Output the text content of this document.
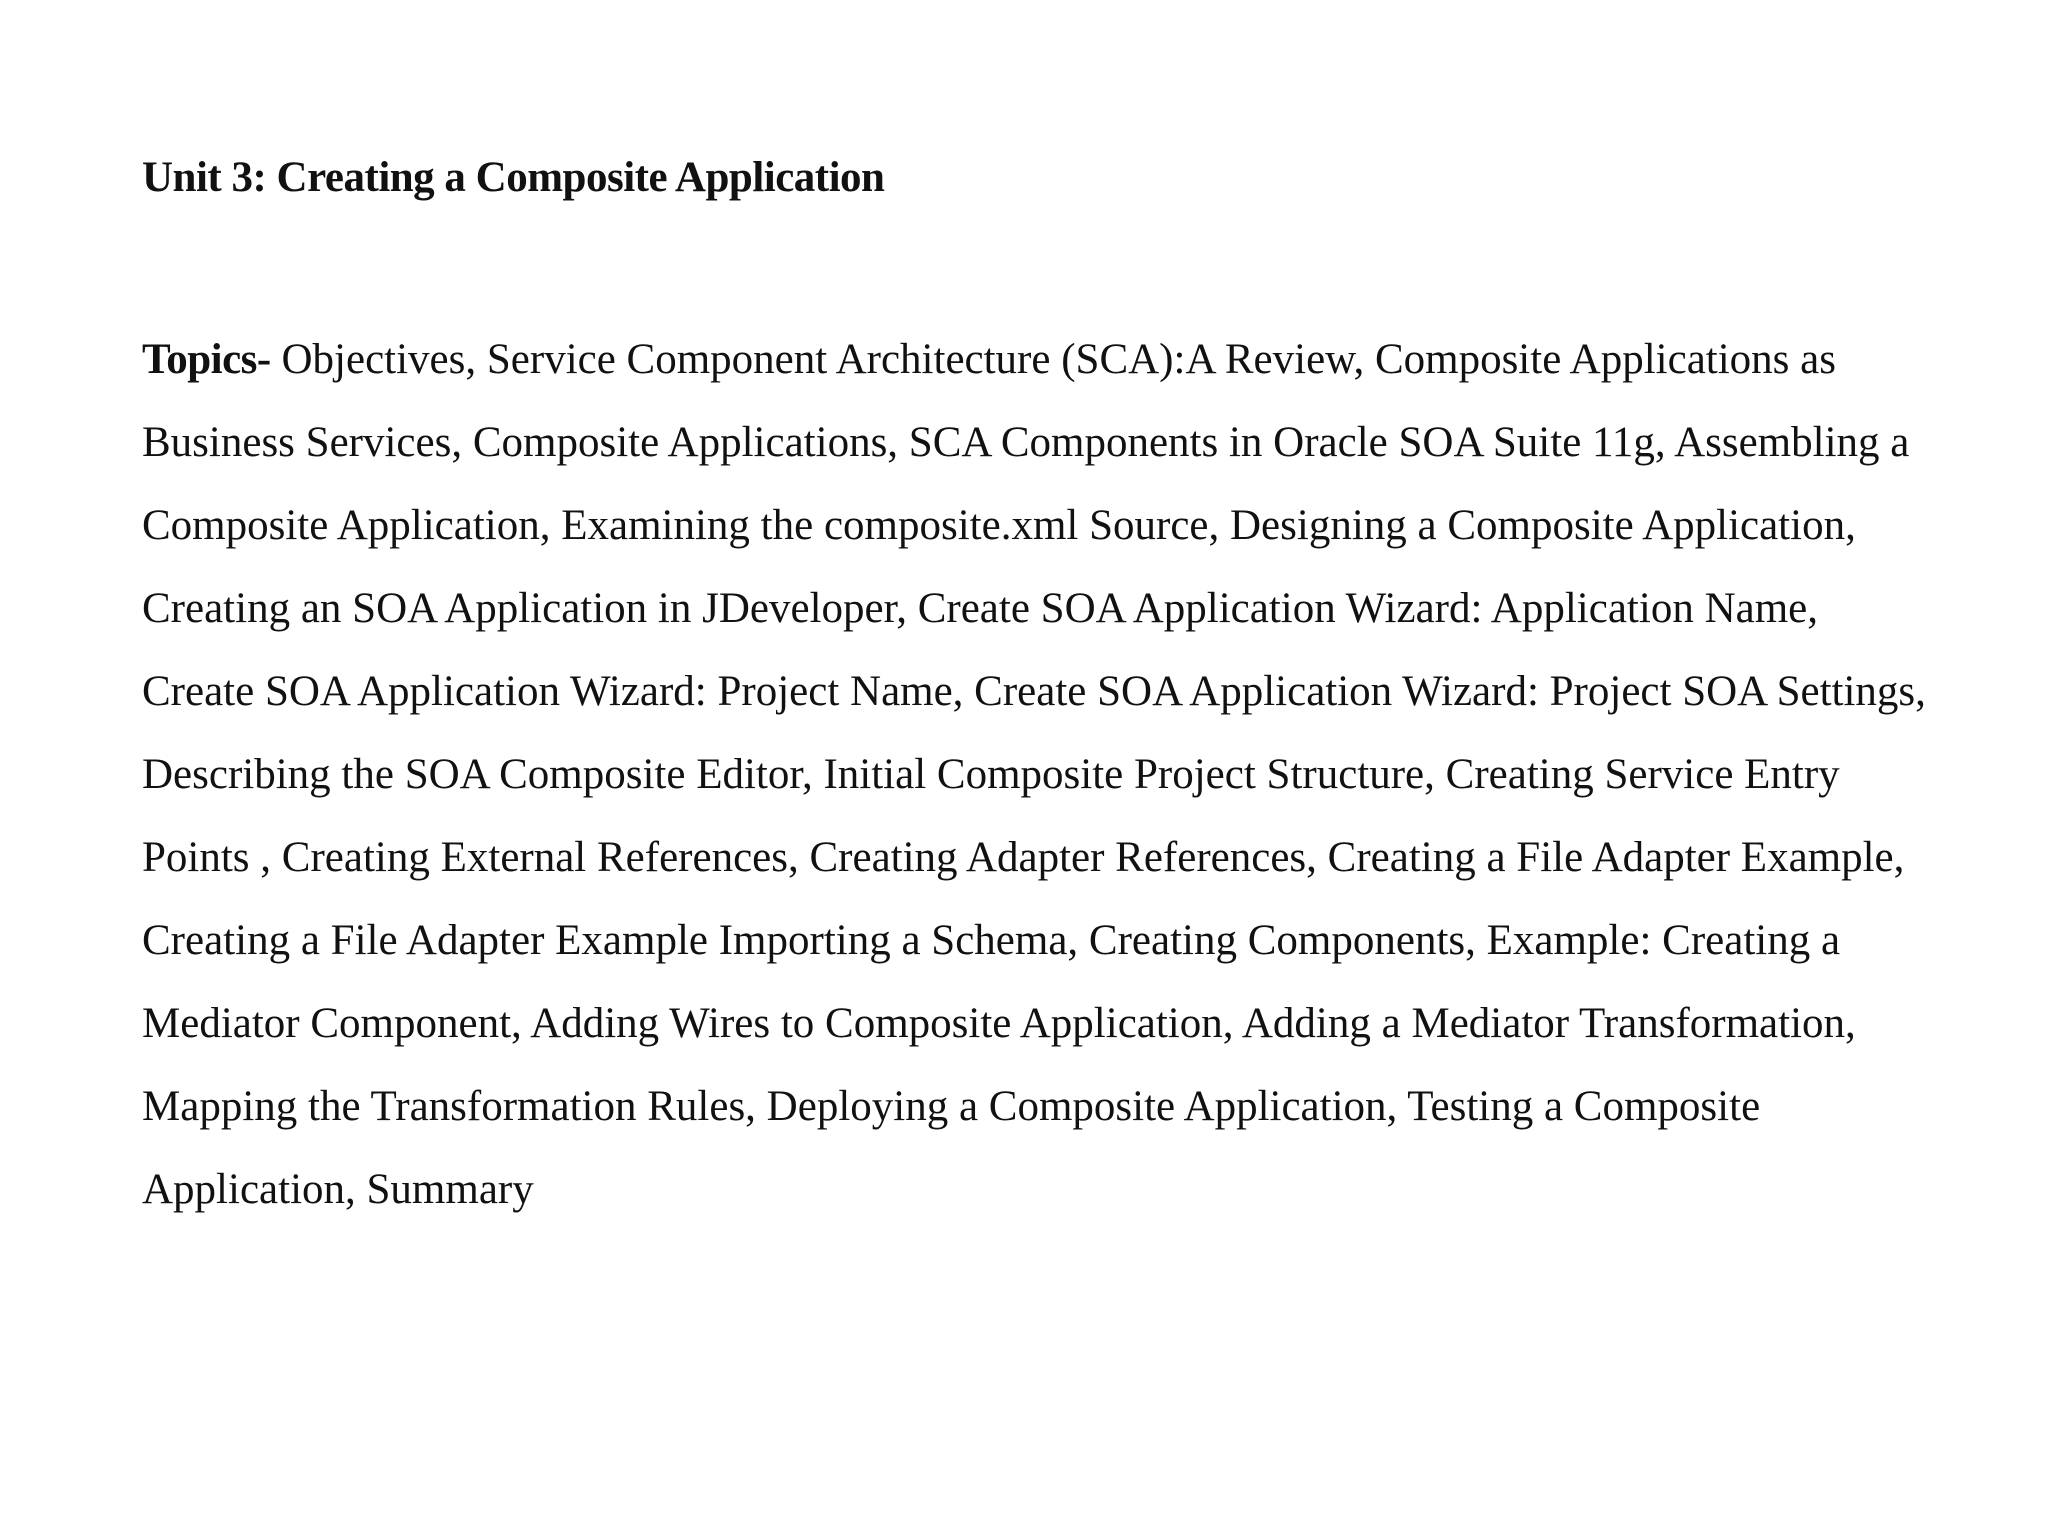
Unit 3: Creating a Composite Application

Topics- Objectives, Service Component Architecture (SCA):A Review, Composite Applications as Business Services, Composite Applications, SCA Components in Oracle SOA Suite 11g, Assembling a Composite Application, Examining the composite.xml Source, Designing a Composite Application, Creating an SOA Application in JDeveloper, Create SOA Application Wizard: Application Name, Create SOA Application Wizard: Project Name, Create SOA Application Wizard: Project SOA Settings, Describing the SOA Composite Editor, Initial Composite Project Structure, Creating Service Entry Points , Creating External References, Creating Adapter References, Creating a File Adapter Example, Creating a File Adapter Example Importing a Schema, Creating Components, Example: Creating a Mediator Component, Adding Wires to Composite Application, Adding a Mediator Transformation, Mapping the Transformation Rules, Deploying a Composite Application, Testing a Composite Application, Summary
